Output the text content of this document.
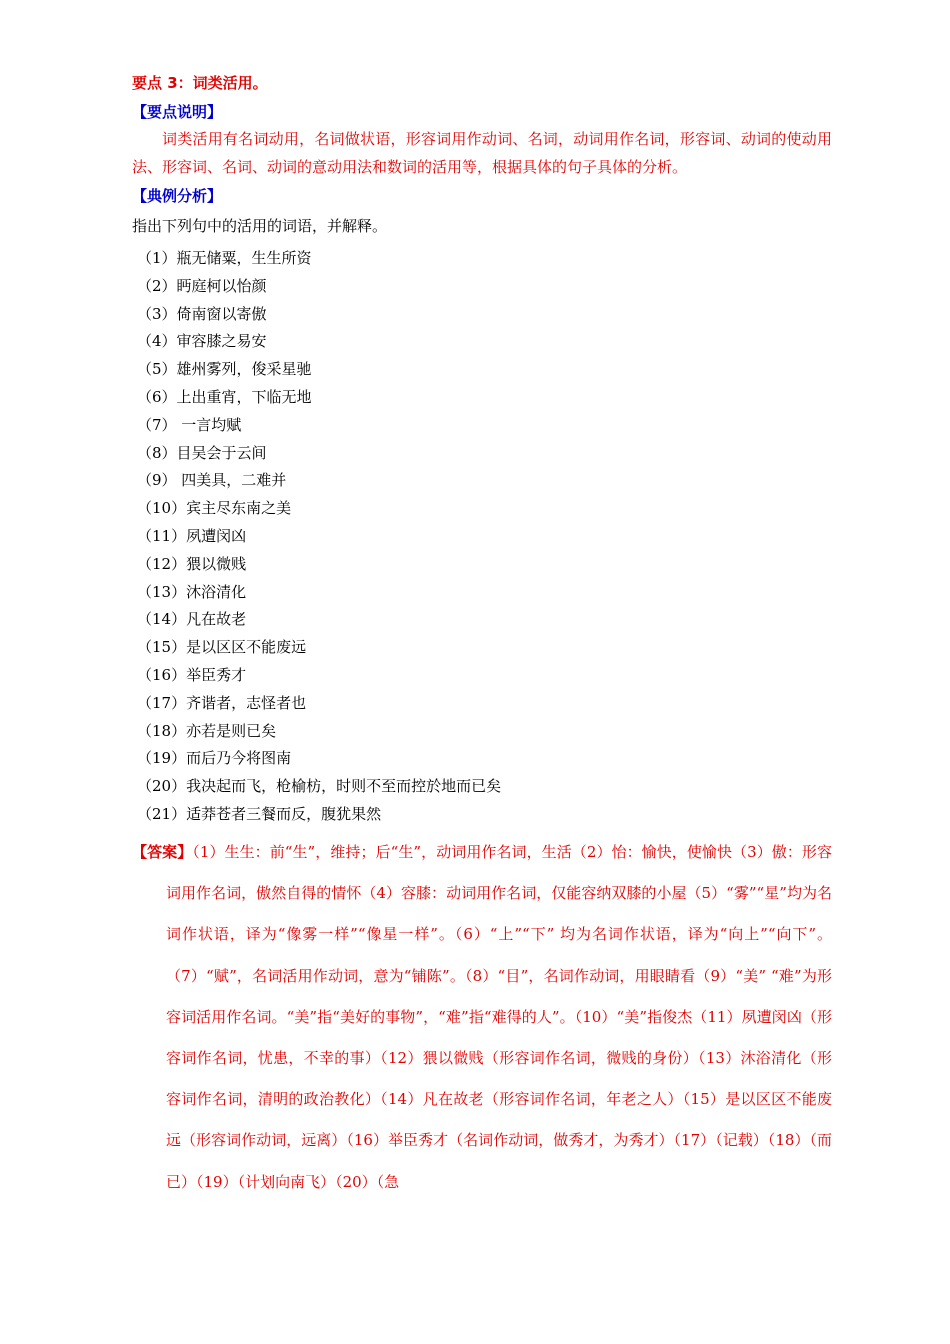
要点 3：词类活用。
【要点说明】
词类活用有名词动用，名词做状语，形容词用作动词、名词，动词用作名词，形容词、动词的使动用法、形容词、名词、动词的意动用法和数词的活用等，根据具体的句子具体的分析。
【典例分析】
指出下列句中的活用的词语，并解释。
（1）瓶无储粟，生生所资
（2）眄庭柯以怡颜
（3）倚南窗以寄傲
（4）审容膝之易安
（5）雄州雾列，俊采星驰
（6）上出重宵，下临无地
（7） 一言均赋
（8）目吴会于云间
（9） 四美具，二难并
（10）宾主尽东南之美
（11）夙遭闵凶
（12）猥以微贱
（13）沐浴清化
（14）凡在故老
（15）是以区区不能废远
（16）举臣秀才
（17）齐谐者，志怪者也
（18）亦若是则已矣
（19）而后乃今将图南
（20）我决起而飞，枪榆枋，时则不至而控於地而已矣
（21）适莽苍者三餐而反，腹犹果然
【答案】（1）生生：前“生”，维持；后“生”，动词用作名词，生活（2）怡：愉快，使愉快（3）傲：形容词用作名词，傲然自得的情怀（4）容膝：动词用作名词，仅能容纳双膝的小屋（5）“雾”“星”均为名词作状语，译为“像雾一样”“像星一样”。（6）“上”“下” 均为名词作状语，译为“向上”“向下”。（7）“赋”，名词活用作动词，意为“铺陈”。（8）“目”，名词作动词，用眼睛看（9）“美” “难”为形容词活用作名词。“美”指“美好的事物”，“难”指“难得的人”。（10）“美”指俊杰（11）夙遭闵凶（形容词作名词，忧患，不幸的事）（12）猥以微贱（形容词作名词，微贱的身份）（13）沐浴清化（形容词作名词，清明的政治教化）（14）凡在故老（形容词作名词，年老之人）（15）是以区区不能废远（形容词作动词，远离）（16）举臣秀才（名词作动词，做秀才，为秀才）（17）（记载）（18）（而已）（19）（计划向南飞）（20）（急
